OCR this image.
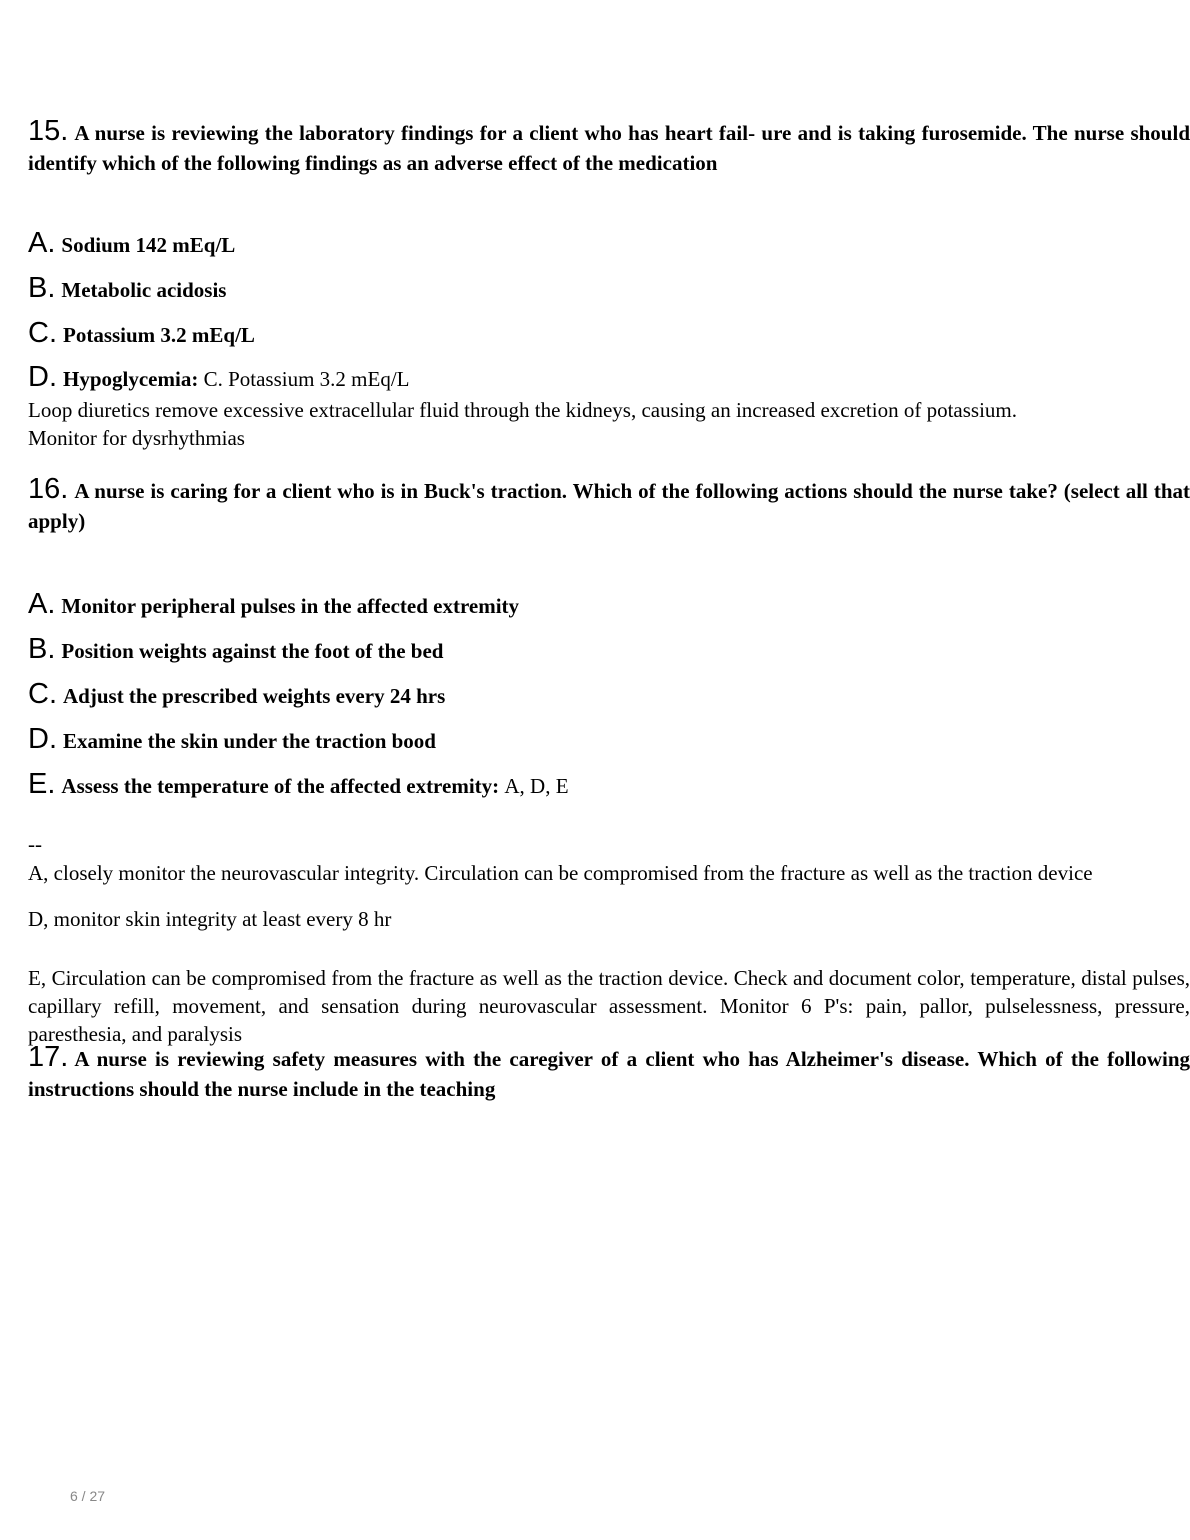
15. A nurse is reviewing the laboratory findings for a client who has heart fail- ure and is taking furosemide. The nurse should identify which of the following findings as an adverse effect of the medication
A. Sodium 142 mEq/L
B. Metabolic acidosis
C. Potassium 3.2 mEq/L
D. Hypoglycemia: C. Potassium 3.2 mEq/L
Loop diuretics remove excessive extracellular fluid through the kidneys, causing an increased excretion of potassium.
Monitor for dysrhythmias
16. A nurse is caring for a client who is in Buck's traction. Which of the following actions should the nurse take? (select all that apply)
A. Monitor peripheral pulses in the affected extremity
B. Position weights against the foot of the bed
C. Adjust the prescribed weights every 24 hrs
D. Examine the skin under the traction bood
E. Assess the temperature of the affected extremity: A, D, E
--
A, closely monitor the neurovascular integrity. Circulation can be compromised from the fracture as well as the traction device
D, monitor skin integrity at least every 8 hr
E, Circulation can be compromised from the fracture as well as the traction device. Check and document color, temperature, distal pulses, capillary refill, movement, and sensation during neurovascular assessment. Monitor 6 P's: pain, pallor, pulselessness, pressure, paresthesia, and paralysis
17. A nurse is reviewing safety measures with the caregiver of a client who has Alzheimer's disease. Which of the following instructions should the nurse include in the teaching
6 / 27
